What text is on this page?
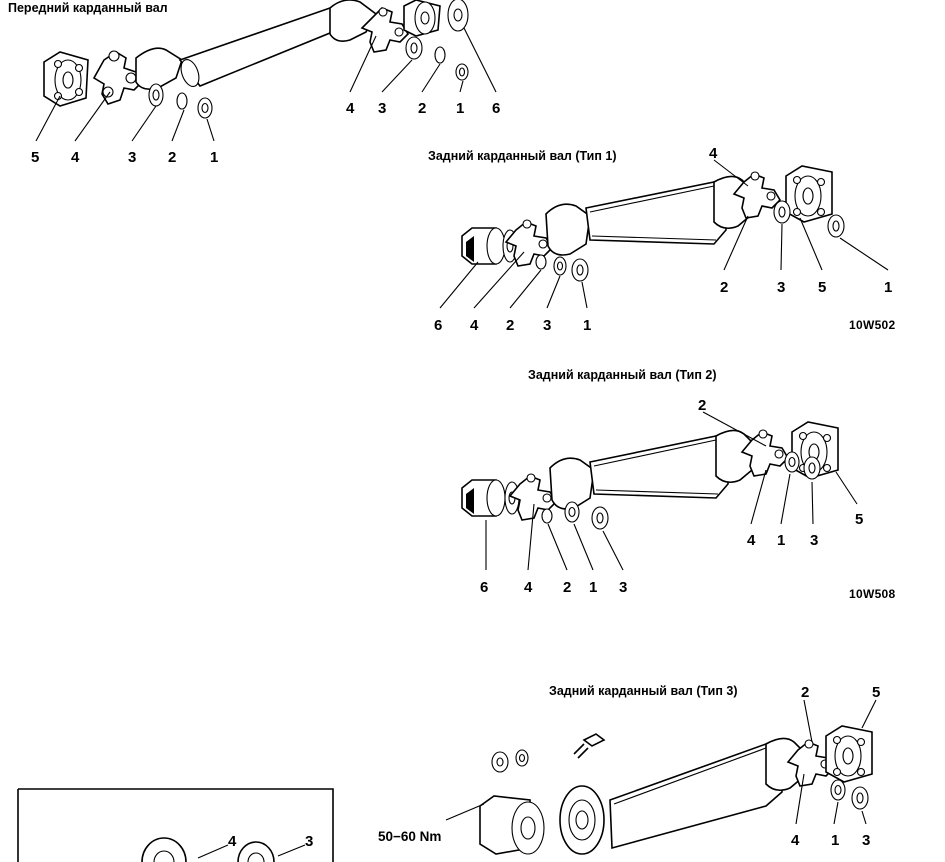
Передний карданный вал
Задний карданный вал (Тип 1)
Задний карданный вал (Тип 2)
Задний карданный вал (Тип 3)
10W502
10W508
50−60 Nm
5 4	3 2 1
4 3 2 1 6
4
2	3 5	1
6 4 2 3 1
2
4 1 3
5
6 4 2 1 3
2	5
4 1 3
4	3
